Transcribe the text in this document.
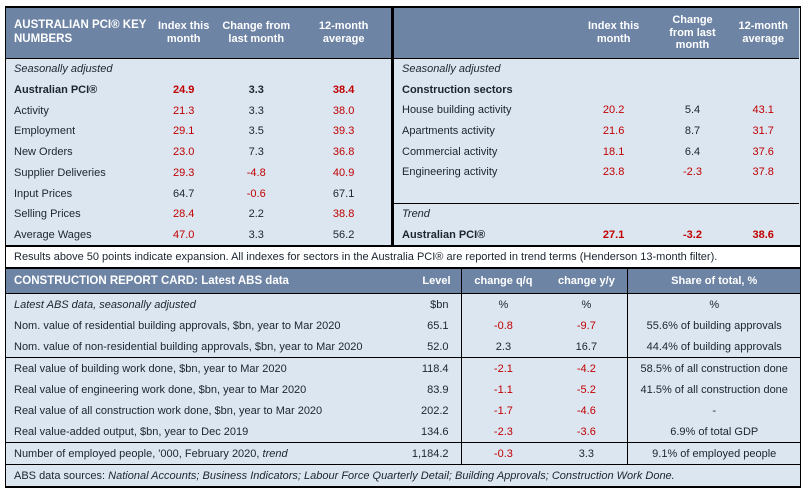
AUSTRALIAN PCI® KEY NUMBERS	Index this month	Change from last month	12-month average
Seasonally adjusted			
Australian PCI®	24.9	3.3	38.4
Activity	21.3	3.3	38.0
Employment	29.1	3.5	39.3
New Orders	23.0	7.3	36.8
Supplier Deliveries	29.3	-4.8	40.9
Input Prices	64.7	-0.6	67.1
Selling Prices	28.4	2.2	38.8
Average Wages	47.0	3.3	56.2
	Index this month	Change from last month	12-month average
Seasonally adjusted			
Construction sectors			
House building activity	20.2	5.4	43.1
Apartments activity	21.6	8.7	31.7
Commercial activity	18.1	6.4	37.6
Engineering activity	23.8	-2.3	37.8

Trend			
Australian PCI®	27.1	-3.2	38.6
Results above 50 points indicate expansion. All indexes for sectors in the Australia PCI® are reported in trend terms (Henderson 13-month filter).
CONSTRUCTION REPORT CARD: Latest ABS data	Level	change q/q	change y/y	Share of total, %
Latest ABS data, seasonally adjusted	$bn	%	%	%
Nom. value of residential building approvals, $bn, year to Mar 2020	65.1	-0.8	-9.7	55.6% of building approvals
Nom. value of non-residential building approvals, $bn, year to Mar 2020	52.0	2.3	16.7	44.4% of building approvals
Real value of building work done, $bn, year to Mar 2020	118.4	-2.1	-4.2	58.5% of all construction done
Real value of engineering work done, $bn, year to Mar 2020	83.9	-1.1	-5.2	41.5% of all construction done
Real value of all construction work done, $bn, year to Mar 2020	202.2	-1.7	-4.6	-
Real value-added output, $bn, year to Dec 2019	134.6	-2.3	-3.6	6.9% of total GDP
Number of employed people, '000, February 2020, trend	1,184.2	-0.3	3.3	9.1% of employed people
ABS data sources: National Accounts; Business Indicators; Labour Force Quarterly Detail; Building Approvals; Construction Work Done.				
